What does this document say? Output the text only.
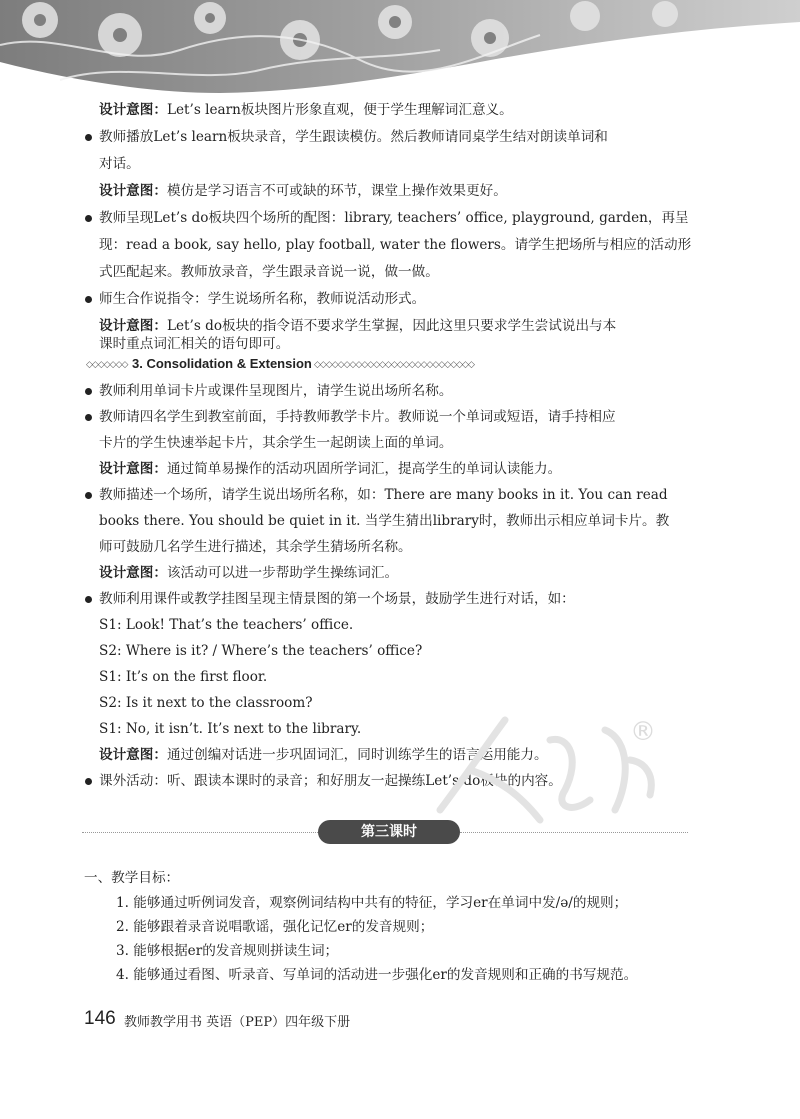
设计意图：Let’s learn板块图片形象直观，便于学生理解词汇意义。
教师播放Let’s learn板块录音，学生跟读模仿。然后教师请同桌学生结对朗读单词和
对话。
设计意图：模仿是学习语言不可或缺的环节，课堂上操作效果更好。
教师呈现Let’s do板块四个场所的配图：library, teachers’ office, playground, garden，再呈
现：read a book, say hello, play football, water the flowers。请学生把场所与相应的活动形
式匹配起来。教师放录音，学生跟录音说一说，做一做。
师生合作说指令：学生说场所名称，教师说活动形式。
设计意图：Let’s do板块的指令语不要求学生掌握，因此这里只要求学生尝试说出与本
课时重点词汇相关的语句即可。
◇◇◇◇◇◇◇ 3. Consolidation & Extension ◇◇◇◇◇◇◇◇◇◇◇◇◇◇◇◇◇◇◇◇◇◇◇◇◇◇◇
教师利用单词卡片或课件呈现图片，请学生说出场所名称。
教师请四名学生到教室前面，手持教师教学卡片。教师说一个单词或短语，请手持相应
卡片的学生快速举起卡片，其余学生一起朗读上面的单词。
设计意图：通过简单易操作的活动巩固所学词汇，提高学生的单词认读能力。
教师描述一个场所，请学生说出场所名称，如：There are many books in it. You can read
books there. You should be quiet in it. 当学生猜出library时，教师出示相应单词卡片。教
师可鼓励几名学生进行描述，其余学生猜场所名称。
设计意图：该活动可以进一步帮助学生操练词汇。
教师利用课件或教学挂图呈现主情景图的第一个场景，鼓励学生进行对话，如：
S1: Look! That’s the teachers’ office.
S2: Where is it? / Where’s the teachers’ office?
S1: It’s on the first floor.
S2: Is it next to the classroom?
S1: No, it isn’t. It’s next to the library.
设计意图：通过创编对话进一步巩固词汇，同时训练学生的语言运用能力。
课外活动：听、跟读本课时的录音；和好朋友一起操练Let’s do板块的内容。
®
第三课时
一、教学目标：
1. 能够通过听例词发音，观察例词结构中共有的特征，学习er在单词中发/ə/的规则；
2. 能够跟着录音说唱歌谣，强化记忆er的发音规则；
3. 能够根据er的发音规则拼读生词；
4. 能够通过看图、听录音、写单词的活动进一步强化er的发音规则和正确的书写规范。
146 教师教学用书 英语（PEP）四年级下册
